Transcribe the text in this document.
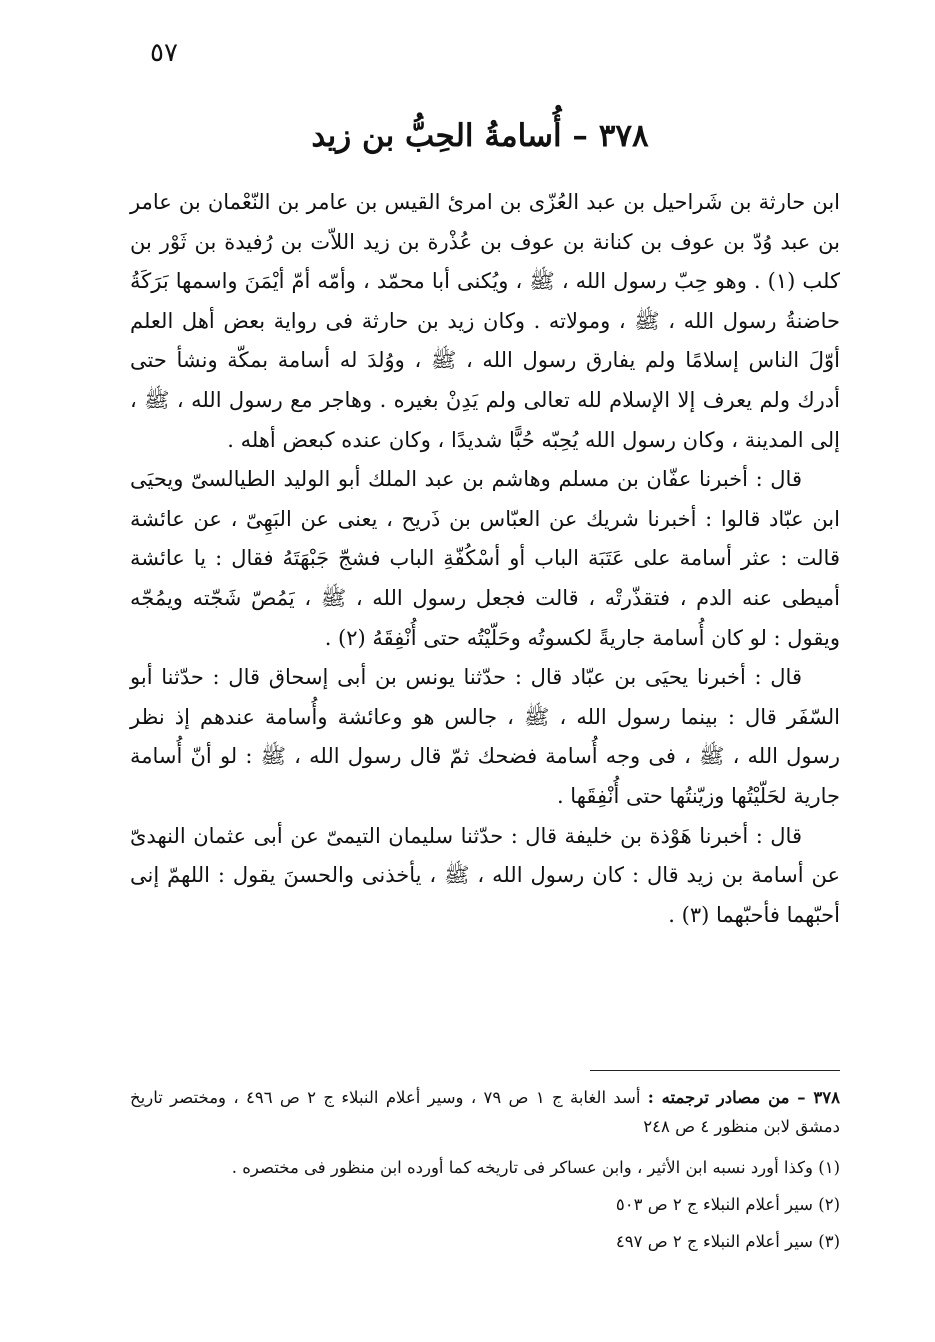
٥٧
٣٧٨ – أُسامةُ الحِبُّ بن زيد

ابن حارثة بن شَراحيل بن عبد العُزّى بن امرئ القيس بن عامر بن النّعْمان بن عامر بن عبد وُدّ بن عوف بن كنانة بن عوف بن عُذْرة بن زيد اللاّت بن رُفيدة بن ثَوْر بن كلب (١) . وهو حِبّ رسول الله ، ﷺ ، ويُكنى أبا محمّد ، وأمّه أمّ أيْمَنَ واسمها بَرَكَةُ حاضنةُ رسول الله ، ﷺ ، ومولاته . وكان زيد بن حارثة فى رواية بعض أهل العلم أوّلَ الناس إسلامًا ولم يفارق رسول الله ، ﷺ ، ووُلدَ له أسامة بمكّة ونشأ حتى أدرك ولم يعرف إلا الإسلام لله تعالى ولم يَدِنْ بغيره . وهاجر مع رسول الله ، ﷺ ، إلى المدينة ، وكان رسول الله يُحِبّه حُبًّا شديدًا ، وكان عنده كبعض أهله .

قال : أخبرنا عفّان بن مسلم وهاشم بن عبد الملك أبو الوليد الطيالسىّ ويحيَى ابن عبّاد قالوا : أخبرنا شريك عن العبّاس بن ذَريح ، يعنى عن البَهِىّ ، عن عائشة قالت : عثر أسامة على عَتَبَة الباب أو أسْكُفّةِ الباب فشجّ جَبْهَتَهُ فقال : يا عائشة أميطى عنه الدم ، فتقذّرتْه ، قالت فجعل رسول الله ، ﷺ ، يَمُصّ شَجّته ويمُجّه ويقول : لو كان أُسامة جاريةً لكسوتُه وحَلّيْتُه حتى أُنْفِقَهُ (٢) .

قال : أخبرنا يحيَى بن عبّاد قال : حدّثنا يونس بن أبى إسحاق قال : حدّثنا أبو السّفَر قال : بينما رسول الله ، ﷺ ، جالس هو وعائشة وأُسامة عندهم إذ نظر رسول الله ، ﷺ ، فى وجه أُسامة فضحك ثمّ قال رسول الله ، ﷺ : لو أنّ أُسامة جارية لحَلّيْتُها وزيّنتُها حتى أُنْفِقَها .

قال : أخبرنا هَوْذة بن خليفة قال : حدّثنا سليمان التيمىّ عن أبى عثمان النهدىّ عن أسامة بن زيد قال : كان رسول الله ، ﷺ ، يأخذنى والحسنَ يقول : اللهمّ إنى أحبّهما فأحبّهما (٣) .

٣٧٨ – من مصادر ترجمته : أسد الغابة ج ١ ص ٧٩ ، وسير أعلام النبلاء ج ٢ ص ٤٩٦ ، ومختصر تاريخ دمشق لابن منظور ٤ ص ٢٤٨

(١) وكذا أورد نسبه ابن الأثير ، وابن عساكر فى تاريخه كما أورده ابن منظور فى مختصره .

(٢) سير أعلام النبلاء ج ٢ ص ٥٠٣

(٣) سير أعلام النبلاء ج ٢ ص ٤٩٧
